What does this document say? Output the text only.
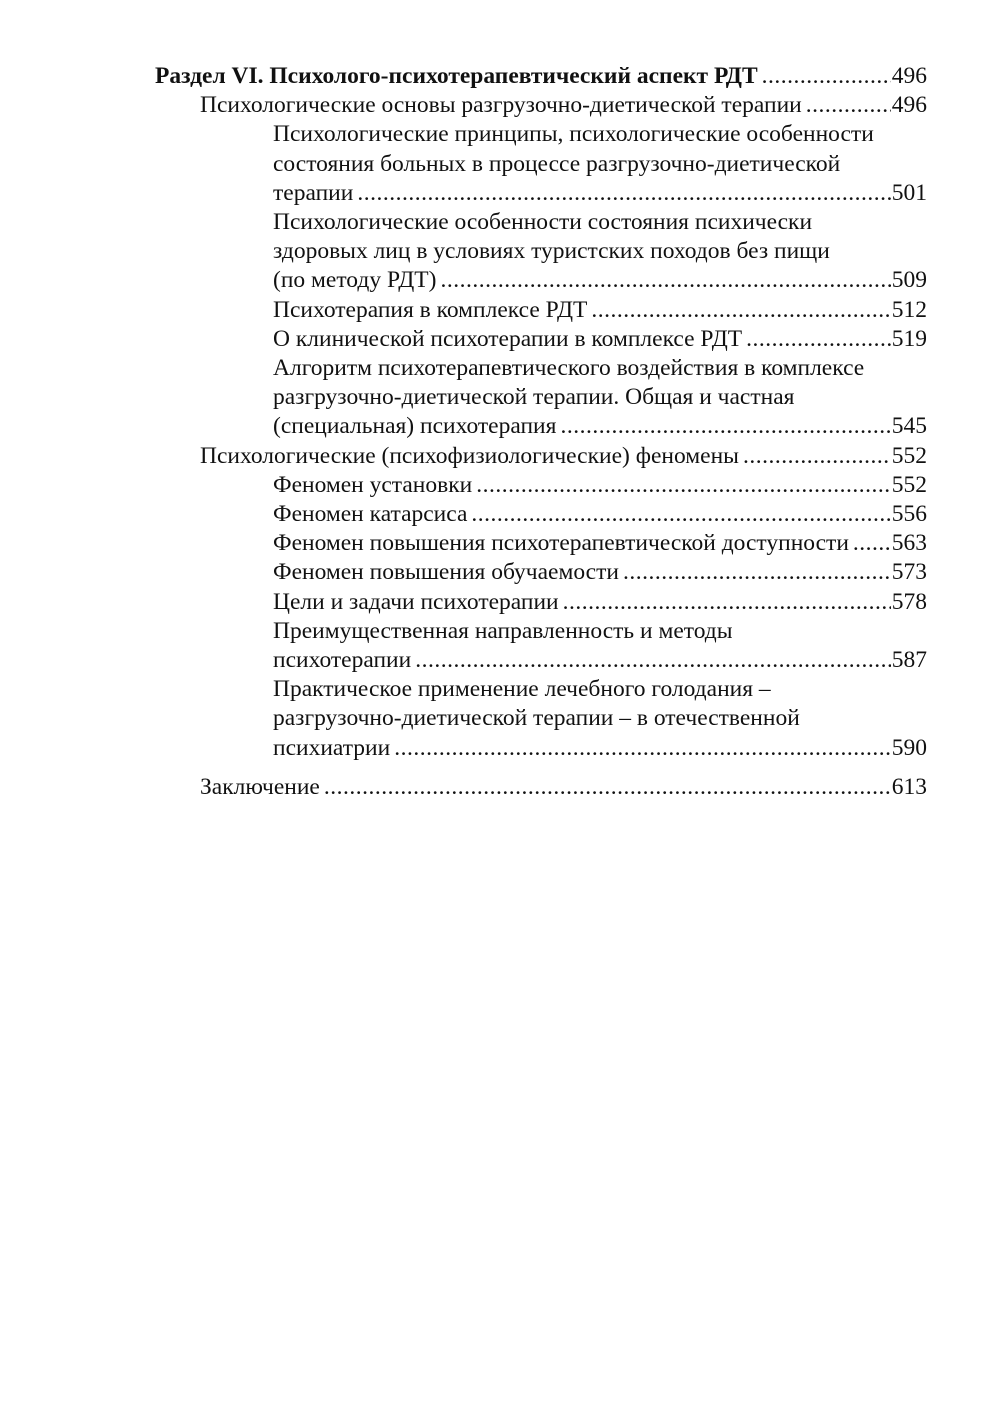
Раздел VI. Психолого-психотерапевтический аспект РДТ .....	496
Психологические основы разгрузочно-диетической терапии .....	496
Психологические принципы, психологические особенности
состояния больных в процессе разгрузочно-диетической
терапии .....	501
Психологические особенности состояния психически
здоровых лиц в условиях туристских походов без пищи
(по методу РДТ) .....	509
Психотерапия в комплексе РДТ .....	512
О клинической психотерапии в комплексе РДТ .....	519
Алгоритм психотерапевтического воздействия в комплексе
разгрузочно-диетической терапии. Общая и частная
(специальная) психотерапия .....	545
Психологические (психофизиологические) феномены .....	552
Феномен установки .....	552
Феномен катарсиса .....	556
Феномен повышения психотерапевтической доступности ..... 563
Феномен повышения обучаемости .....	573
Цели и задачи психотерапии .....	578
Преимущественная направленность и методы
психотерапии .....	587
Практическое применение лечебного голодания –
разгрузочно-диетической терапии – в отечественной
психиатрии .....	590
Заключение .....	613
